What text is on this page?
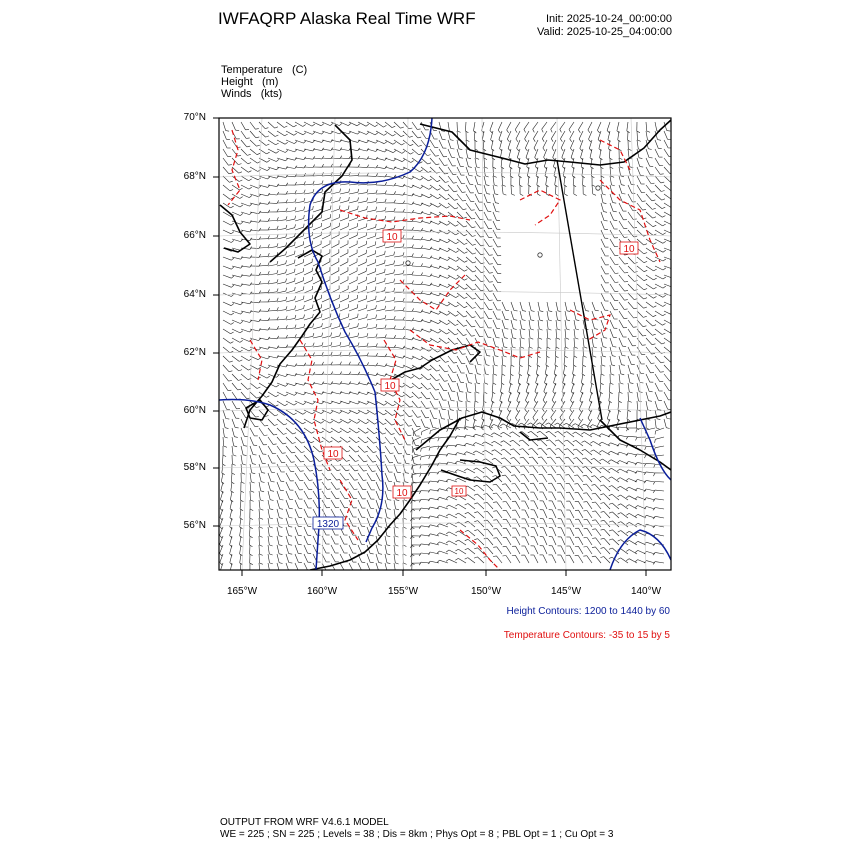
IWFAQRP Alaska Real Time WRF	Init: 2025-10-24_00:00:00
Valid: 2025-10-25_04:00:00
Temperature (C)
Height (m)
Winds (kts)
10
10
10
10
10	10
1320
70°N
68°N
66°N
64°N
62°N
60°N
58°N
56°N
165°W	160°W	155°W	150°W	145°W	140°W
Height Contours: 1200 to 1440 by 60
Temperature Contours: -35 to 15 by 5
OUTPUT FROM WRF V4.6.1 MODEL
WE = 225 ; SN = 225 ; Levels = 38 ; Dis = 8km ; Phys Opt = 8 ; PBL Opt = 1 ; Cu Opt = 3
